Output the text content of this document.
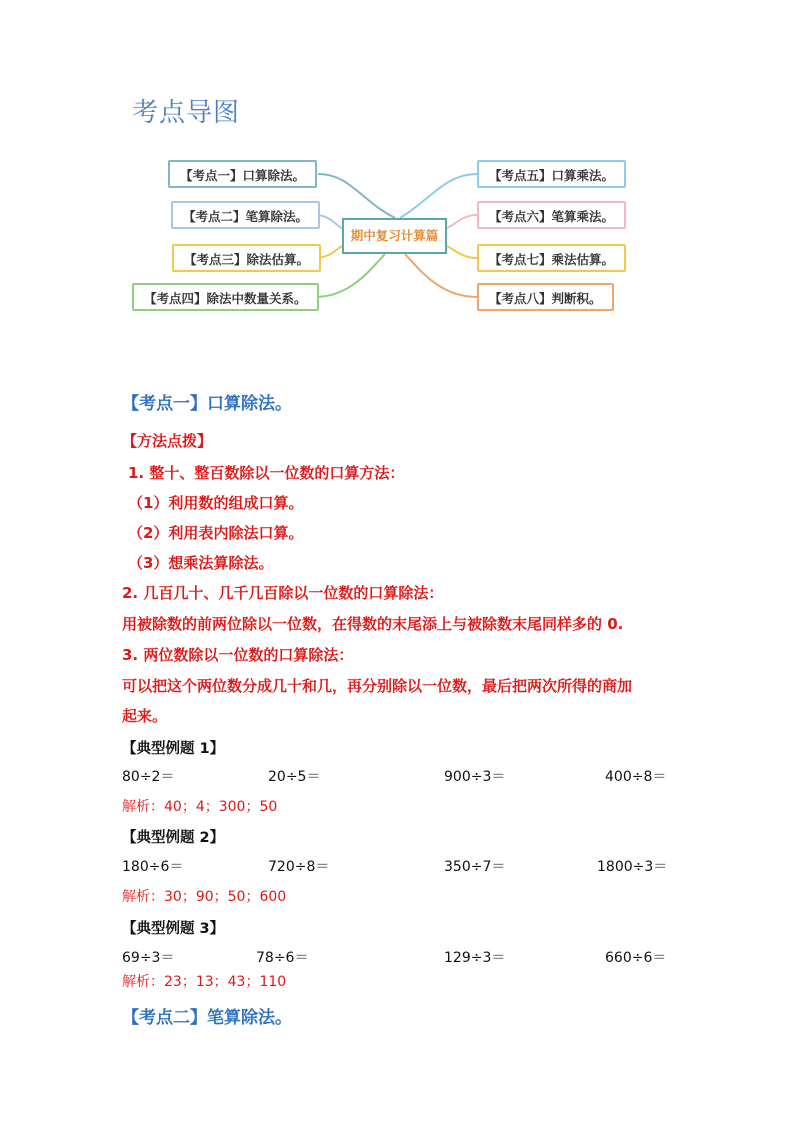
考点导图
【考点一】口算除法。
【考点二】笔算除法。
【考点三】除法估算。
【考点四】除法中数量关系。
期中复习计算篇
【考点五】口算乘法。
【考点六】笔算乘法。
【考点七】乘法估算。
【考点八】判断积。
【考点一】口算除法。
【方法点拨】
1. 整十、整百数除以一位数的口算方法：
（1）利用数的组成口算。
（2）利用表内除法口算。
（3）想乘法算除法。
2. 几百几十、几千几百除以一位数的口算除法：
用被除数的前两位除以一位数，在得数的末尾添上与被除数末尾同样多的 0.
3. 两位数除以一位数的口算除法：
可以把这个两位数分成几十和几，再分别除以一位数，最后把两次所得的商加
起来。
【典型例题 1】
80÷2＝	20÷5＝	900÷3＝	400÷8＝
解析：40；4；300；50
【典型例题 2】
180÷6＝	720÷8＝	350÷7＝	1800÷3＝
解析：30；90；50；600
【典型例题 3】
69÷3＝	78÷6＝	129÷3＝	660÷6＝
解析：23；13；43；110
【考点二】笔算除法。
